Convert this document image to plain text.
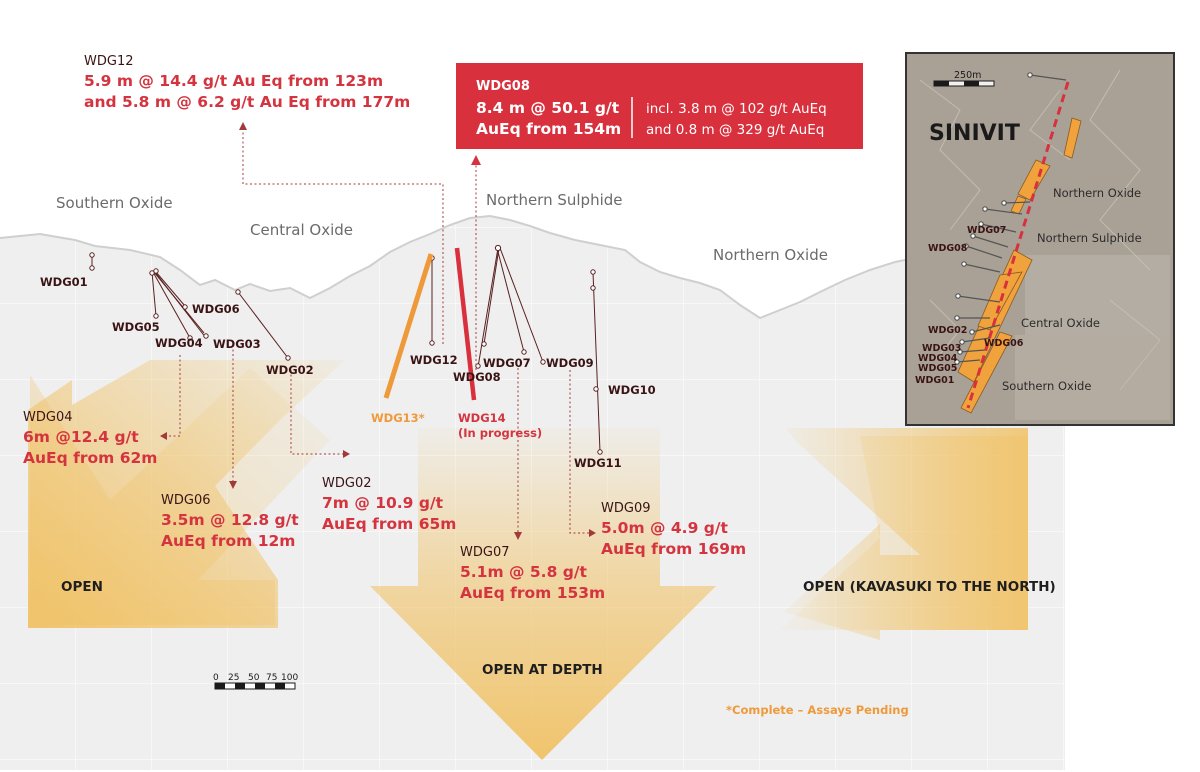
Southern Oxide
Central Oxide
Northern Sulphide
Northern Oxide
WDG01
WDG05
WDG04
WDG06
WDG03
WDG02
WDG12
WDG08
WDG07 WDG09
WDG10
WDG11
WDG13*	WDG14
(In progress)
WDG12
5.9 m @ 14.4 g/t Au Eq from 123m
and 5.8 m @ 6.2 g/t Au Eq from 177m
WDG08
8.4 m @ 50.1 g/t
AuEq from 154m
incl. 3.8 m @ 102 g/t AuEq
and 0.8 m @ 329 g/t AuEq
WDG04
6m @12.4 g/t
AuEq from 62m
WDG06
3.5m @ 12.8 g/t
AuEq from 12m
WDG02
7m @ 10.9 g/t
AuEq from 65m
WDG07
5.1m @ 5.8 g/t
AuEq from 153m
WDG09
5.0m @ 4.9 g/t
AuEq from 169m
OPEN
OPEN AT DEPTH
OPEN (KAVASUKI TO THE NORTH)
0 25 50 75 100
*Complete – Assays Pending
250m
SINIVIT
Northern Oxide
Northern Sulphide
Central Oxide
Southern Oxide
WDG07
WDG08
WDG02
WDG03
WDG04
WDG05
WDG01
WDG06
